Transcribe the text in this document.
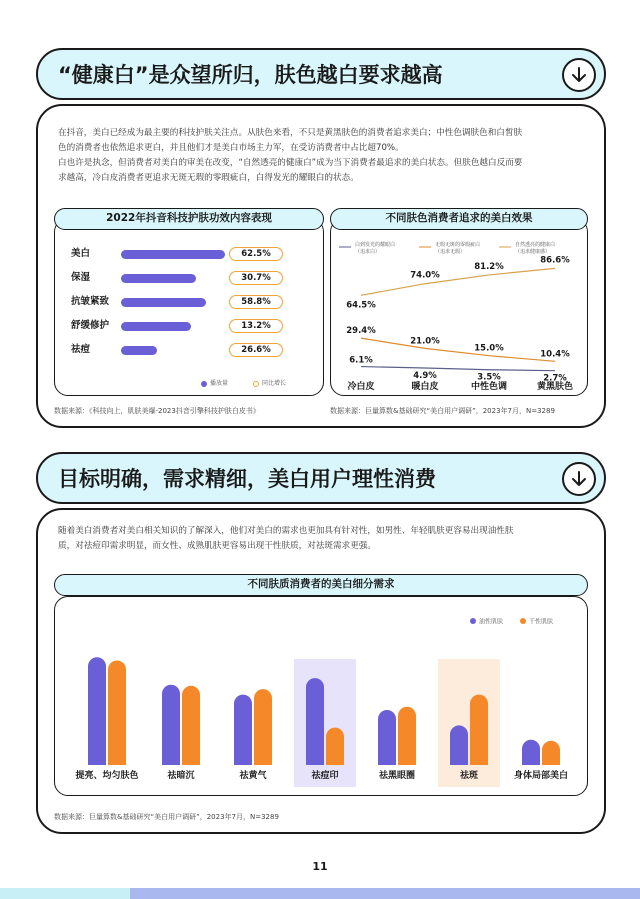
“健康白”是众望所归，肤色越白要求越高
在抖音，美白已经成为最主要的科技护肤关注点。从肤色来看，不只是黄黑肤色的消费者追求美白；中性色调肤色和白皙肤
色的消费者也依然追求更白，并且他们才是美白市场主力军，在受访消费者中占比超70%。
白也许是执念，但消费者对美白的审美在改变，“自然透亮的健康白”成为当下消费者最追求的美白状态。但肤色越白反而要
求越高，冷白皮消费者更追求无斑无瑕的零瑕疵白，白得发光的耀眼白的状态。
美白	62.5%
保湿	30.7%
抗皱紧致	58.8%
舒缓修护	13.2%
祛痘	26.6%
播放量	同比增长
2022年抖音科技护肤功效内容表现
数据来源：《科技向上，肌肤美爆-2023抖音引擎科技护肤白皮书》
白到发光的耀眼白
（追求白）
无瑕无斑的零瑕疵白
（追求无瑕）
自然透亮的健康白
（追求健康感）
6.1%
4.9%	3.5%	2.7%
29.4%
21.0%
15.0%
10.4%
64.5%
74.0%
81.2%
86.6%
冷白皮	暖白皮	中性色调	黄黑肤色
不同肤色消费者追求的美白效果
数据来源：巨量算数&基础研究“美白用户调研”，2023年7月，N=3289
目标明确，需求精细，美白用户理性消费
随着美白消费者对美白相关知识的了解深入，他们对美白的需求也更加具有针对性，如男性、年轻肌肤更容易出现油性肤
质，对祛痘印需求明显，而女性、成熟肌肤更容易出现干性肤质，对祛斑需求更强。
油性肌肤	干性肌肤
提亮、均匀肤色	祛暗沉	祛黄气	祛痘印	祛黑眼圈	祛斑	身体局部美白
不同肤质消费者的美白细分需求
数据来源：巨量算数&基础研究“美白用户调研”，2023年7月，N=3289
11
